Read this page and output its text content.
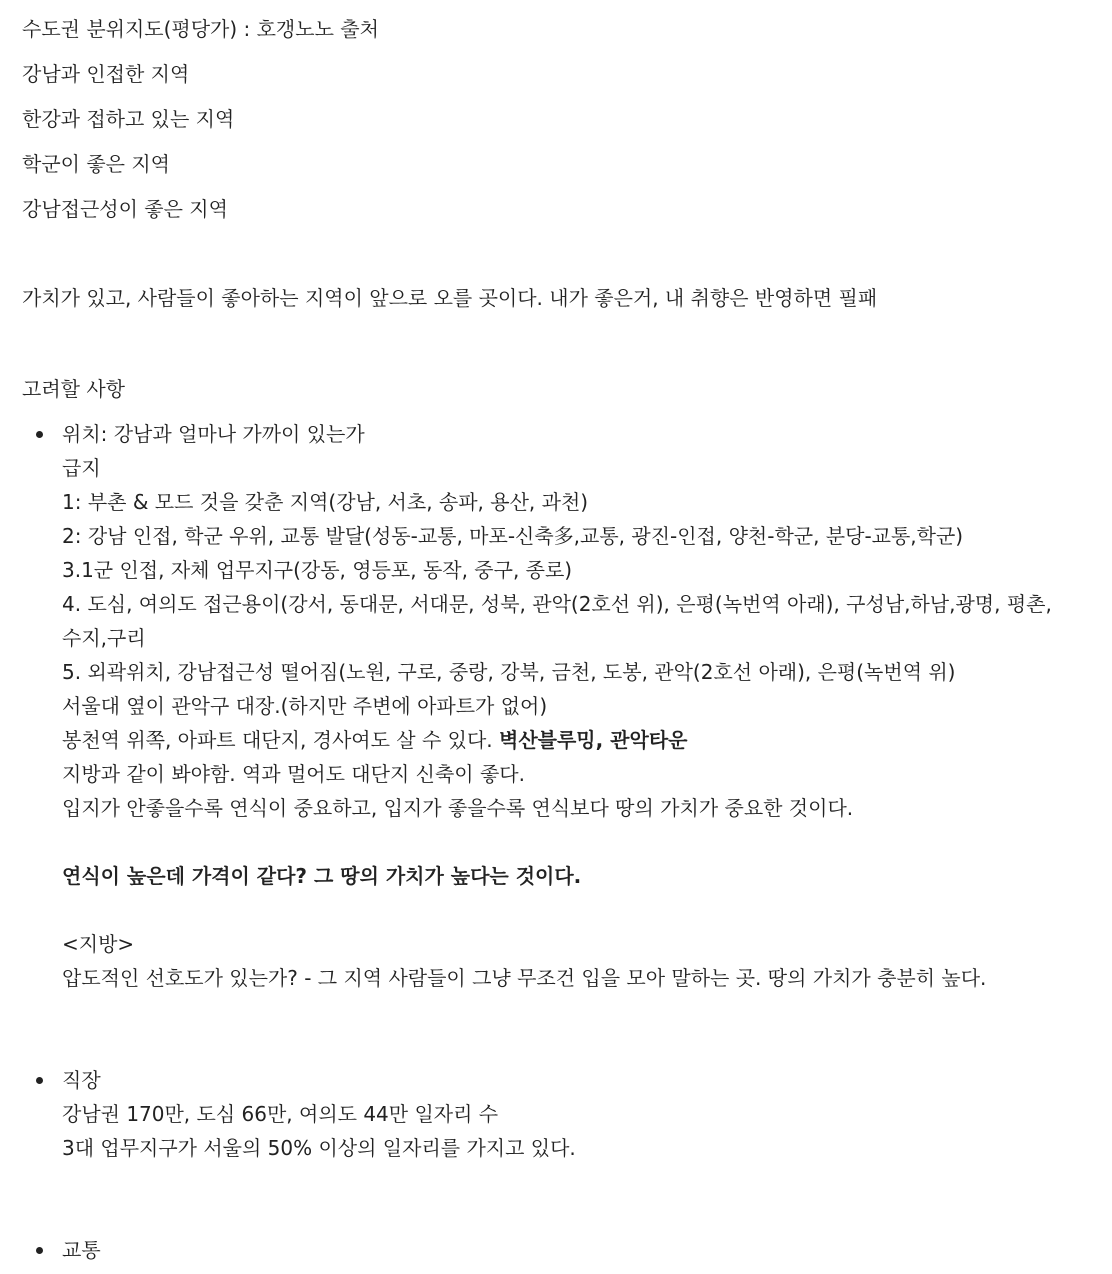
수도권 분위지도(평당가) : 호갱노노 출처

강남과 인접한 지역

한강과 접하고 있는 지역

학군이 좋은 지역

강남접근성이 좋은 지역

가치가 있고, 사람들이 좋아하는 지역이 앞으로 오를 곳이다. 내가 좋은거, 내 취향은 반영하면 필패

고려할 사항

위치: 강남과 얼마나 가까이 있는가
급지
1: 부촌 & 모드 것을 갖춘 지역(강남, 서초, 송파, 용산, 과천)
2: 강남 인접, 학군 우위, 교통 발달(성동-교통, 마포-신축多,교통, 광진-인접, 양천-학군, 분당-교통,학군)
3.1군 인접, 자체 업무지구(강동, 영등포, 동작, 중구, 종로)
4. 도심, 여의도 접근용이(강서, 동대문, 서대문, 성북, 관악(2호선 위), 은평(녹번역 아래), 구성남,하남,광명, 평촌,수지,구리
5. 외곽위치, 강남접근성 떨어짐(노원, 구로, 중랑, 강북, 금천, 도봉, 관악(2호선 아래), 은평(녹번역 위)
서울대 옆이 관악구 대장.(하지만 주변에 아파트가 없어)
봉천역 위쪽, 아파트 대단지, 경사여도 살 수 있다. 벽산블루밍, 관악타운
지방과 같이 봐야함. 역과 멀어도 대단지 신축이 좋다.
입지가 안좋을수록 연식이 중요하고, 입지가 좋을수록 연식보다 땅의 가치가 중요한 것이다.
연식이 높은데 가격이 같다? 그 땅의 가치가 높다는 것이다.
<지방>
압도적인 선호도가 있는가? - 그 지역 사람들이 그냥 무조건 입을 모아 말하는 곳. 땅의 가치가 충분히 높다.
직장
강남권 170만, 도심 66만, 여의도 44만 일자리 수
3대 업무지구가 서울의 50% 이상의 일자리를 가지고 있다.
교통
